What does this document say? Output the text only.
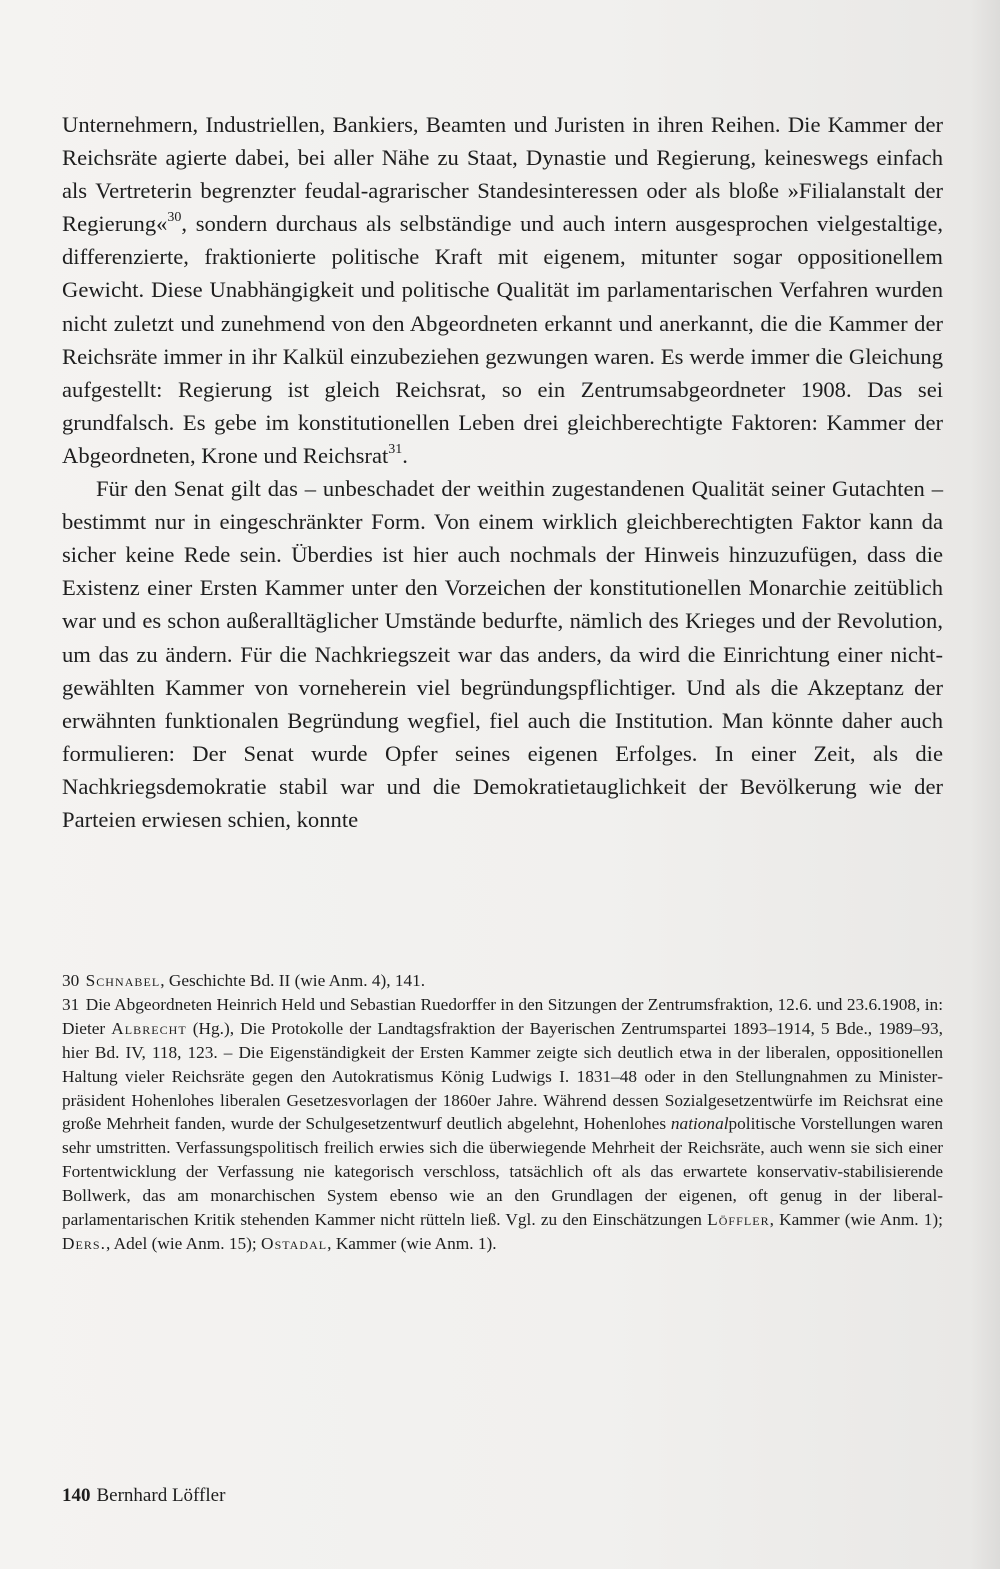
Unternehmern, Industriellen, Bankiers, Beamten und Juristen in ihren Reihen. Die Kammer der Reichsräte agierte dabei, bei aller Nähe zu Staat, Dynastie und Regierung, keineswegs einfach als Vertreterin begrenzter feudal-agrarischer Standesinteressen oder als bloße »Filialanstalt der Regierung«$^{30}$, sondern durchaus als selbständige und auch intern ausgesprochen vielgestaltige, differenzierte, fraktionierte politische Kraft mit eigenem, mitunter sogar oppositionellem Gewicht. Diese Unabhängigkeit und politische Qualität im parlamentarischen Verfahren wurden nicht zuletzt und zunehmend von den Abgeordneten erkannt und anerkannt, die die Kammer der Reichsräte immer in ihr Kalkül einzubeziehen gezwungen waren. Es werde immer die Gleichung aufgestellt: Regierung ist gleich Reichsrat, so ein Zentrumsabgeordneter 1908. Das sei grundfalsch. Es gebe im konstitutionellen Leben drei gleichberechtigte Faktoren: Kammer der Abgeordneten, Krone und Reichsrat$^{31}$.

Für den Senat gilt das – unbeschadet der weithin zugestandenen Qualität seiner Gutachten – bestimmt nur in eingeschränkter Form. Von einem wirklich gleichberechtigten Faktor kann da sicher keine Rede sein. Überdies ist hier auch nochmals der Hinweis hinzuzufügen, dass die Existenz einer Ersten Kammer unter den Vorzeichen der konstitutionellen Monarchie zeitüblich war und es schon außeralltäglicher Umstände bedurfte, nämlich des Krieges und der Revolution, um das zu ändern. Für die Nachkriegszeit war das anders, da wird die Einrichtung einer nicht-gewählten Kammer von vorneherein viel begründungspflichtiger. Und als die Akzeptanz der erwähnten funktionalen Begründung wegfiel, fiel auch die Institution. Man könnte daher auch formulieren: Der Senat wurde Opfer seines eigenen Erfolges. In einer Zeit, als die Nachkriegsdemokratie stabil war und die Demokratietauglichkeit der Bevölkerung wie der Parteien erwiesen schien, konnte

30 Schnabel, Geschichte Bd. II (wie Anm. 4), 141.

31 Die Abgeordneten Heinrich Held und Sebastian Ruedorffer in den Sitzungen der Zentrumsfraktion, 12.6. und 23.6.1908, in: Dieter Albrecht (Hg.), Die Protokolle der Landtagsfraktion der Bayerischen Zentrumspartei 1893–1914, 5 Bde., 1989–93, hier Bd. IV, 118, 123. – Die Eigenständigkeit der Ersten Kammer zeigte sich deutlich etwa in der liberalen, oppositionellen Haltung vieler Reichsräte gegen den Autokratismus König Ludwigs I. 1831–48 oder in den Stellungnahmen zu Ministerpräsident Hohenlohes liberalen Gesetzesvorlagen der 1860er Jahre. Während dessen Sozialgesetzentwürfe im Reichsrat eine große Mehrheit fanden, wurde der Schulgesetzentwurf deutlich abgelehnt, Hohenlohes nationalpolitische Vorstellungen waren sehr umstritten. Verfassungspolitisch freilich erwies sich die überwiegende Mehrheit der Reichsräte, auch wenn sie sich einer Fortentwicklung der Verfassung nie kategorisch verschloss, tatsächlich oft als das erwartete konservativ-stabilisierende Bollwerk, das am monarchischen System ebenso wie an den Grundlagen der eigenen, oft genug in der liberal-parlamentarischen Kritik stehenden Kammer nicht rütteln ließ. Vgl. zu den Einschätzungen Löffler, Kammer (wie Anm. 1); Ders., Adel (wie Anm. 15); Ostadal, Kammer (wie Anm. 1).

140 Bernhard Löffler
